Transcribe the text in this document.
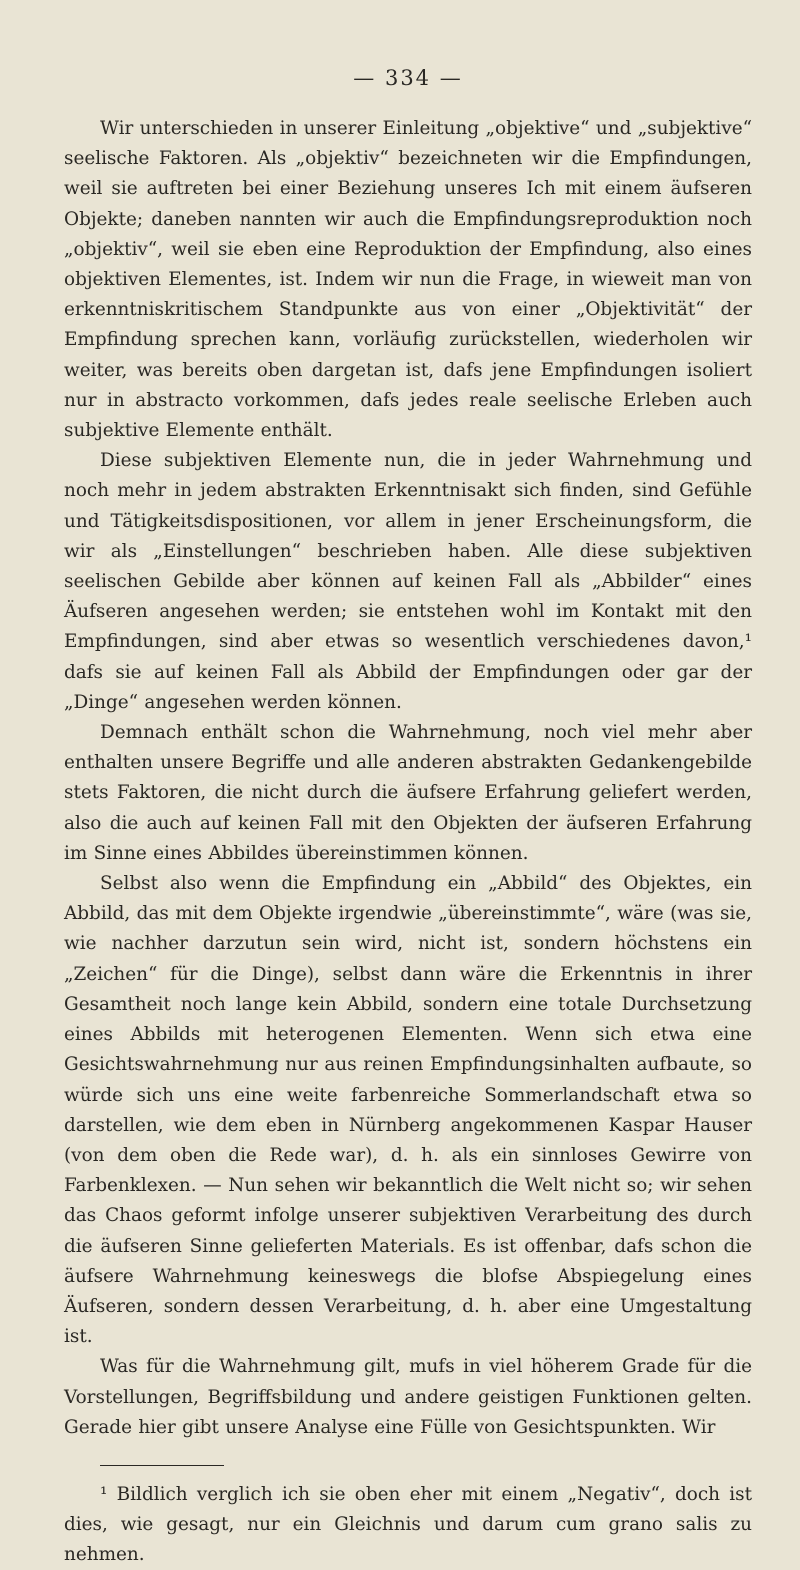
— 334 —

Wir unterschieden in unserer Einleitung „objektive“ und „subjektive“ seelische Faktoren. Als „objektiv“ bezeichneten wir die Empfindungen, weil sie auftreten bei einer Beziehung unseres Ich mit einem äufseren Objekte; daneben nannten wir auch die Empfindungsreproduktion noch „objektiv“, weil sie eben eine Reproduktion der Empfindung, also eines objektiven Elementes, ist. Indem wir nun die Frage, in wieweit man von erkenntniskritischem Standpunkte aus von einer „Objektivität“ der Empfindung sprechen kann, vorläufig zurückstellen, wiederholen wir weiter, was bereits oben dargetan ist, dafs jene Empfindungen isoliert nur in abstracto vorkommen, dafs jedes reale seelische Erleben auch subjektive Elemente enthält.

Diese subjektiven Elemente nun, die in jeder Wahrnehmung und noch mehr in jedem abstrakten Erkenntnisakt sich finden, sind Gefühle und Tätigkeitsdispositionen, vor allem in jener Erscheinungsform, die wir als „Einstellungen“ beschrieben haben. Alle diese subjektiven seelischen Gebilde aber können auf keinen Fall als „Abbilder“ eines Äufseren angesehen werden; sie entstehen wohl im Kontakt mit den Empfindungen, sind aber etwas so wesentlich verschiedenes davon,¹ dafs sie auf keinen Fall als Abbild der Empfindungen oder gar der „Dinge“ angesehen werden können.

Demnach enthält schon die Wahrnehmung, noch viel mehr aber enthalten unsere Begriffe und alle anderen abstrakten Gedankengebilde stets Faktoren, die nicht durch die äufsere Erfahrung geliefert werden, also die auch auf keinen Fall mit den Objekten der äufseren Erfahrung im Sinne eines Abbildes übereinstimmen können.

Selbst also wenn die Empfindung ein „Abbild“ des Objektes, ein Abbild, das mit dem Objekte irgendwie „übereinstimmte“, wäre (was sie, wie nachher darzutun sein wird, nicht ist, sondern höchstens ein „Zeichen“ für die Dinge), selbst dann wäre die Erkenntnis in ihrer Gesamtheit noch lange kein Abbild, sondern eine totale Durchsetzung eines Abbilds mit heterogenen Elementen. Wenn sich etwa eine Gesichtswahrnehmung nur aus reinen Empfindungsinhalten aufbaute, so würde sich uns eine weite farbenreiche Sommerlandschaft etwa so darstellen, wie dem eben in Nürnberg angekommenen Kaspar Hauser (von dem oben die Rede war), d. h. als ein sinnloses Gewirre von Farbenklexen. — Nun sehen wir bekanntlich die Welt nicht so; wir sehen das Chaos geformt infolge unserer subjektiven Verarbeitung des durch die äufseren Sinne gelieferten Materials. Es ist offenbar, dafs schon die äufsere Wahrnehmung keineswegs die blofse Abspiegelung eines Äufseren, sondern dessen Verarbeitung, d. h. aber eine Umgestaltung ist.

Was für die Wahrnehmung gilt, mufs in viel höherem Grade für die Vorstellungen, Begriffsbildung und andere geistigen Funktionen gelten. Gerade hier gibt unsere Analyse eine Fülle von Gesichtspunkten. Wir

¹ Bildlich verglich ich sie oben eher mit einem „Negativ“, doch ist dies, wie gesagt, nur ein Gleichnis und darum cum grano salis zu nehmen.
